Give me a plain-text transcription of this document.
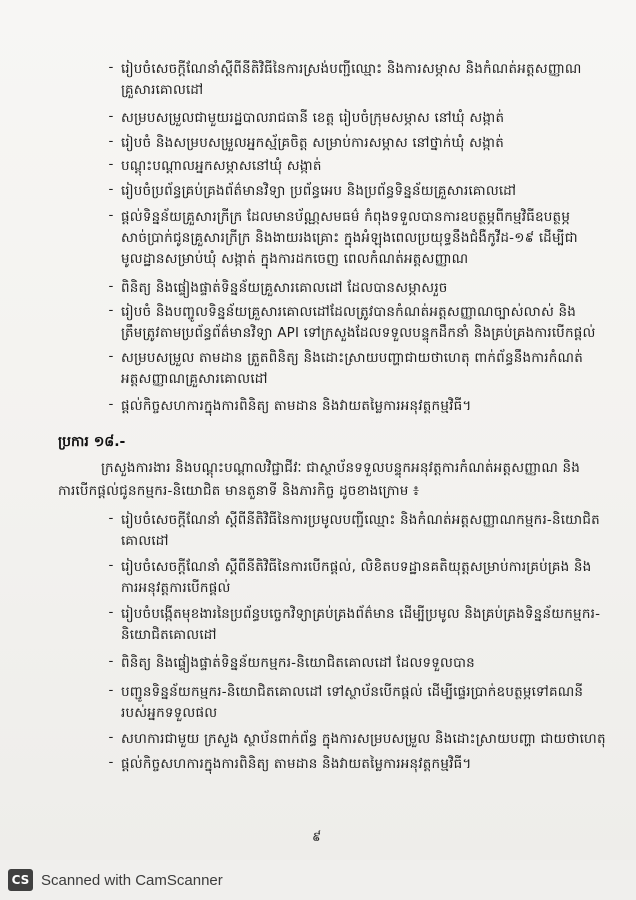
- រៀបចំសេចក្តីណែនាំស្តីពីនីតិវិធីនៃការស្រង់បញ្ជីឈ្មោះ និងការសម្ភាស និងកំណត់អត្តសញ្ញាណ
គ្រួសារគោលដៅ
- សម្របសម្រួលជាមួយរដ្ឋបាលរាជធានី ខេត្ត រៀបចំក្រុមសម្ភាស នៅឃុំ សង្កាត់
- រៀបចំ និងសម្របសម្រួលអ្នកស្ម័គ្រចិត្ត សម្រាប់ការសម្ភាស នៅថ្នាក់ឃុំ សង្កាត់
- បណ្តុះបណ្តាលអ្នកសម្ភាសនៅឃុំ សង្កាត់
- រៀបចំប្រព័ន្ធគ្រប់គ្រងព័ត៌មានវិទ្យា ប្រព័ន្ធអេប និងប្រព័ន្ធទិន្នន័យគ្រួសារគោលដៅ
- ផ្តល់ទិន្នន័យគ្រួសារក្រីក្រ ដែលមានប័ណ្ណសមធម៌ កំពុងទទួលបានការឧបត្ថម្ភពីកម្មវិធីឧបត្ថម្ភ
សាច់ប្រាក់ជូនគ្រួសារក្រីក្រ និងងាយរងគ្រោះ ក្នុងអំឡុងពេលប្រយុទ្ធនឹងជំងឺកូវីដ-១៩ ដើម្បីជា
មូលដ្ឋានសម្រាប់ឃុំ សង្កាត់ ក្នុងការដកចេញ ពេលកំណត់អត្តសញ្ញាណ
- ពិនិត្យ និងផ្ទៀងផ្ទាត់ទិន្នន័យគ្រួសារគោលដៅ ដែលបានសម្ភាសរួច
- រៀបចំ និងបញ្ចូលទិន្នន័យគ្រួសារគោលដៅដែលត្រូវបានកំណត់អត្តសញ្ញាណច្បាស់លាស់ និង
ត្រឹមត្រូវតាមប្រព័ន្ធព័ត៌មានវិទ្យា API ទៅក្រសួងដែលទទួលបន្ទុកដឹកនាំ និងគ្រប់គ្រងការបើកផ្តល់
- សម្របសម្រួល តាមដាន ត្រួតពិនិត្យ និងដោះស្រាយបញ្ហាជាយថាហេតុ ពាក់ព័ន្ធនឹងការកំណត់
អត្តសញ្ញាណគ្រួសារគោលដៅ
- ផ្តល់កិច្ចសហការក្នុងការពិនិត្យ តាមដាន និងវាយតម្លៃការអនុវត្តកម្មវិធី។
ប្រការ ១៨.-
ក្រសួងការងារ និងបណ្តុះបណ្តាលវិជ្ជាជីវៈ ជាស្ថាប័នទទួលបន្ទុកអនុវត្តការកំណត់អត្តសញ្ញាណ និង
ការបើកផ្តល់ជូនកម្មករ-និយោជិត មានតួនាទី និងភារកិច្ច ដូចខាងក្រោម ៖
- រៀបចំសេចក្តីណែនាំ ស្តីពីនីតិវិធីនៃការប្រមូលបញ្ជីឈ្មោះ និងកំណត់អត្តសញ្ញាណកម្មករ-និយោជិត
គោលដៅ
- រៀបចំសេចក្តីណែនាំ ស្តីពីនីតិវិធីនៃការបើកផ្តល់, លិខិតបទដ្ឋានគតិយុត្តសម្រាប់ការគ្រប់គ្រង និង
ការអនុវត្តការបើកផ្តល់
- រៀបចំបង្កើតមុខងារនៃប្រព័ន្ធបច្ចេកវិទ្យាគ្រប់គ្រងព័ត៌មាន ដើម្បីប្រមូល និងគ្រប់គ្រងទិន្នន័យកម្មករ-
និយោជិតគោលដៅ
- ពិនិត្យ និងផ្ទៀងផ្ទាត់ទិន្នន័យកម្មករ-និយោជិតគោលដៅ ដែលទទួលបាន
- បញ្ជូនទិន្នន័យកម្មករ-និយោជិតគោលដៅ ទៅស្ថាប័នបើកផ្តល់ ដើម្បីផ្ទេរប្រាក់ឧបត្ថម្ភទៅគណនី
របស់អ្នកទទួលផល
- សហការជាមួយ ក្រសួង ស្ថាប័នពាក់ព័ន្ធ ក្នុងការសម្របសម្រួល និងដោះស្រាយបញ្ហា ជាយថាហេតុ
- ផ្តល់កិច្ចសហការក្នុងការពិនិត្យ តាមដាន និងវាយតម្លៃការអនុវត្តកម្មវិធី។
៩
CS Scanned with CamScanner
